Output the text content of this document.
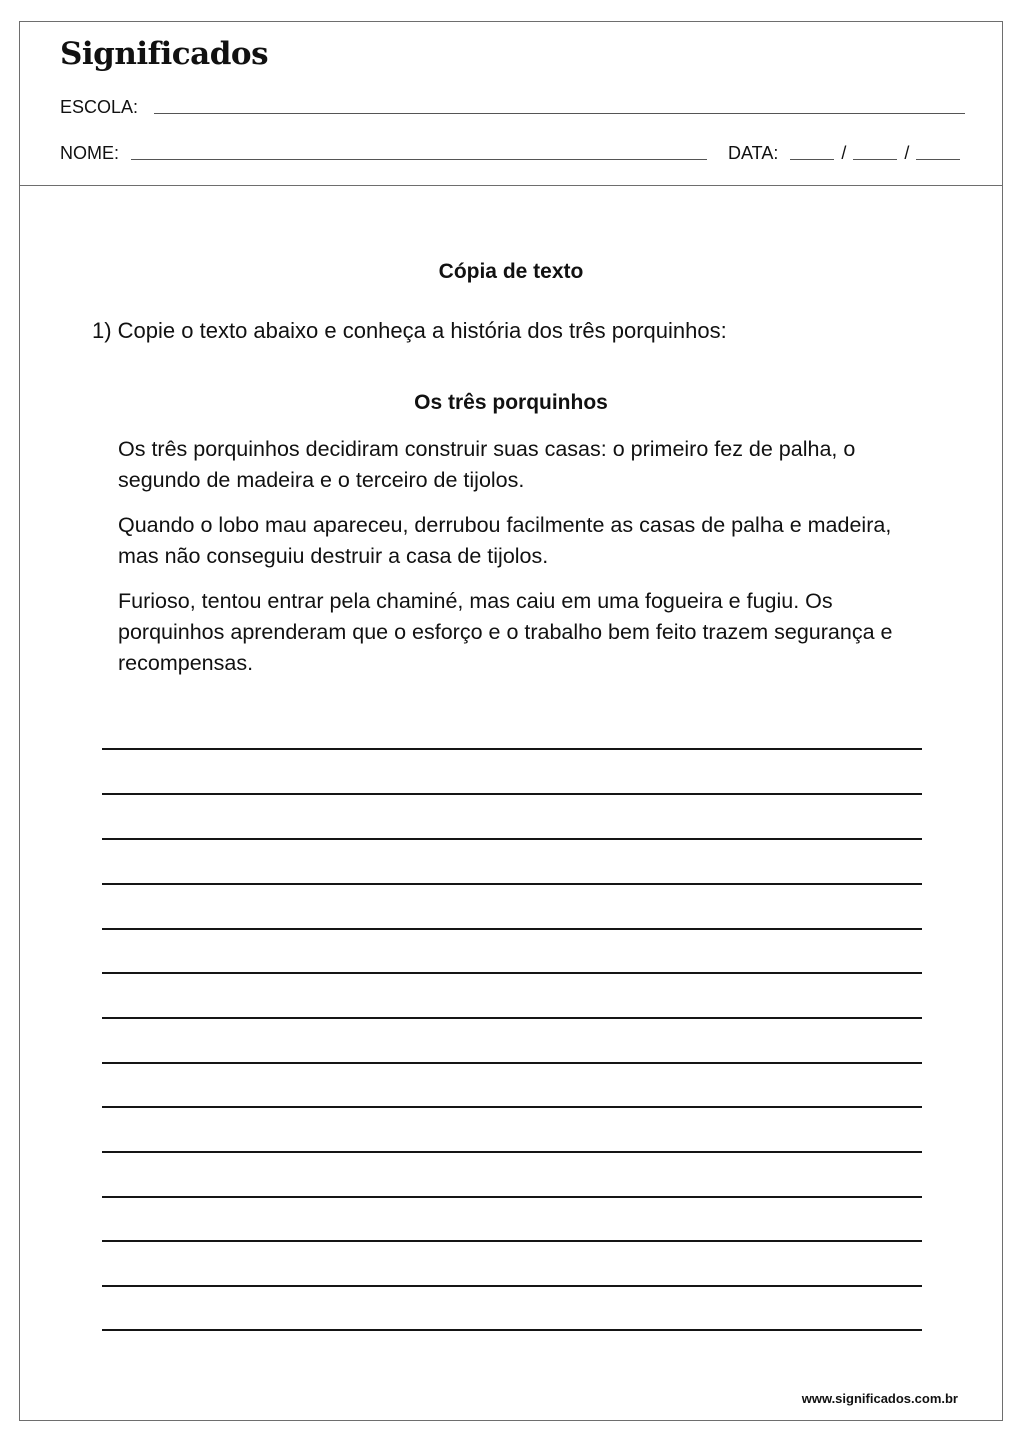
Significados
ESCOLA:
NOME:	DATA:	/	/
Cópia de texto
1) Copie o texto abaixo e conheça a história dos três porquinhos:
Os três porquinhos

Os três porquinhos decidiram construir suas casas: o primeiro fez de palha, o segundo de madeira e o terceiro de tijolos.

Quando o lobo mau apareceu, derrubou facilmente as casas de palha e madeira, mas não conseguiu destruir a casa de tijolos.

Furioso, tentou entrar pela chaminé, mas caiu em uma fogueira e fugiu. Os porquinhos aprenderam que o esforço e o trabalho bem feito trazem segurança e recompensas.

www.significados.com.br
